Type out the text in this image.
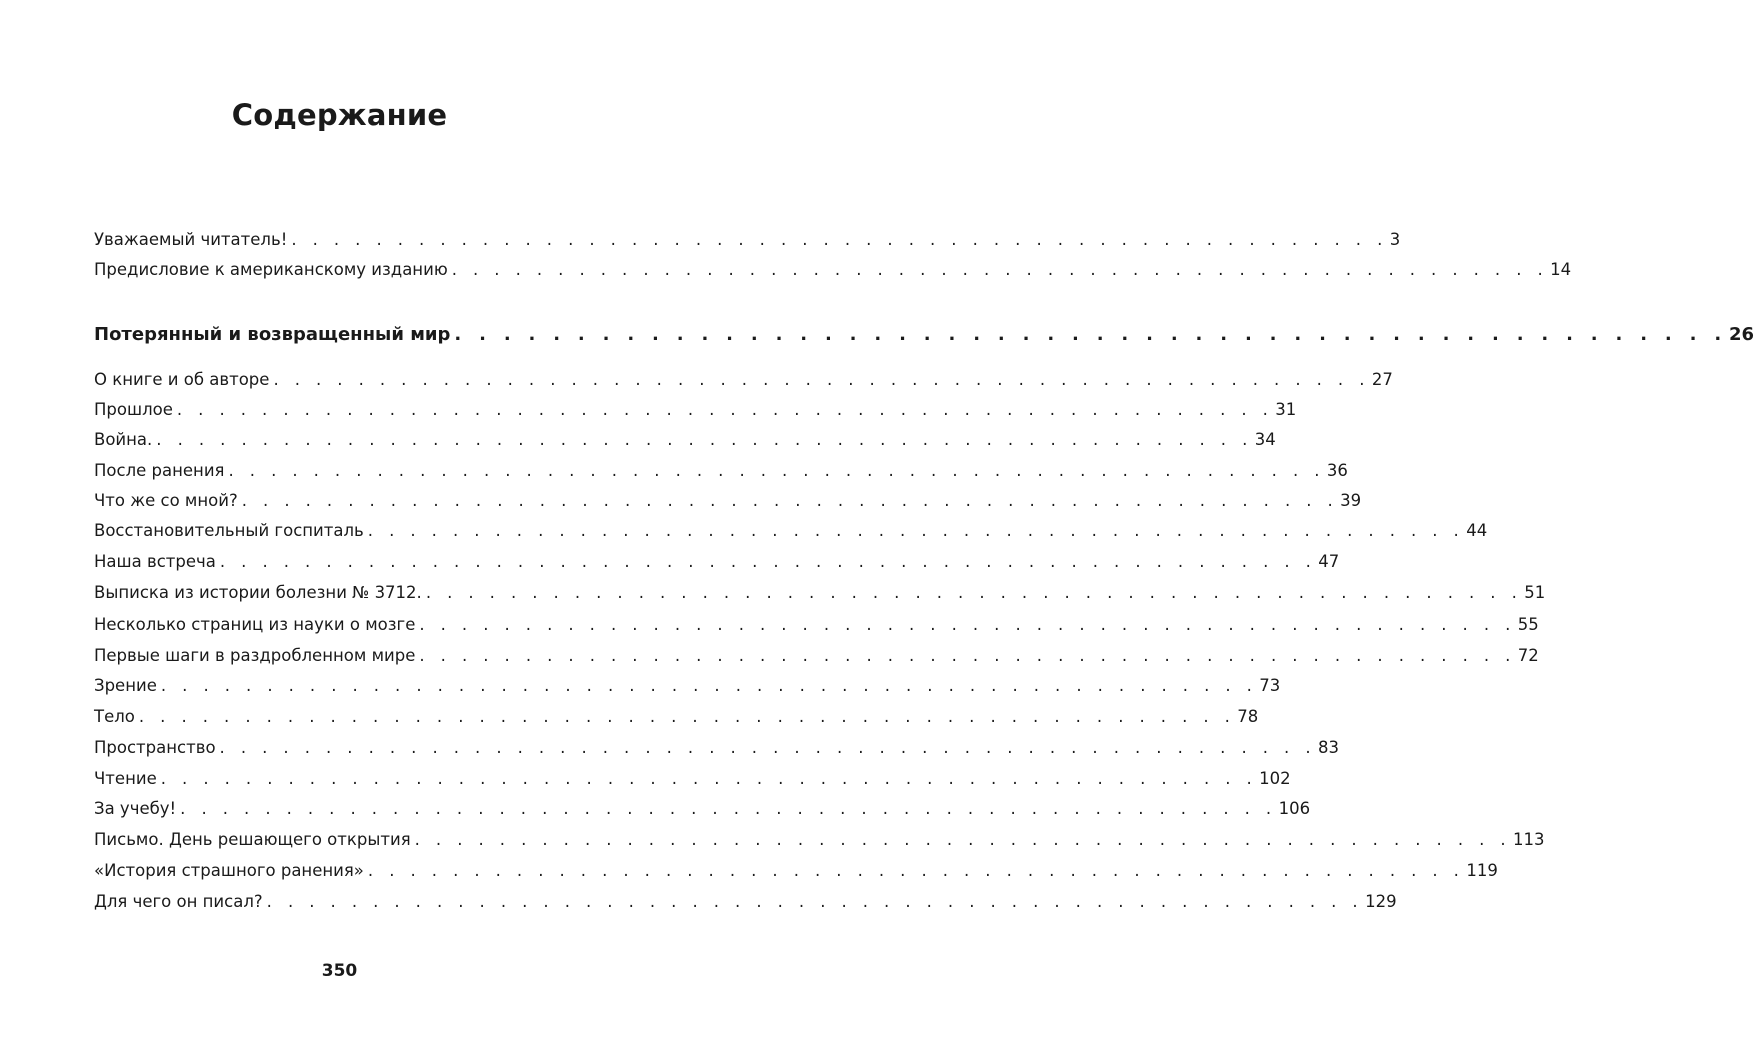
Содержание
Уважаемый читатель! . . . . . . . . . . . . . . . . . . . . . . . . . . . . . . . . . . . . . . . . . . . . . . . . . . . . 3
Предисловие к американскому изданию . . . . . . . . . . . . . . . . . . . . . . . . . . . . . . . . . . . . . . . . . . . . . . . . . . . . 14
Потерянный и возвращенный мир . . . . . . . . . . . . . . . . . . . . . . . . . . . . . . . . . . . . . . . . . . . . . . . . . . . . 26
О книге и об авторе . . . . . . . . . . . . . . . . . . . . . . . . . . . . . . . . . . . . . . . . . . . . . . . . . . . . 27
Прошлое . . . . . . . . . . . . . . . . . . . . . . . . . . . . . . . . . . . . . . . . . . . . . . . . . . . . 31
Война. . . . . . . . . . . . . . . . . . . . . . . . . . . . . . . . . . . . . . . . . . . . . . . . . . . . . 34
После ранения . . . . . . . . . . . . . . . . . . . . . . . . . . . . . . . . . . . . . . . . . . . . . . . . . . . . 36
Что же со мной? . . . . . . . . . . . . . . . . . . . . . . . . . . . . . . . . . . . . . . . . . . . . . . . . . . . . 39
Восстановительный госпиталь . . . . . . . . . . . . . . . . . . . . . . . . . . . . . . . . . . . . . . . . . . . . . . . . . . . . 44
Наша встреча . . . . . . . . . . . . . . . . . . . . . . . . . . . . . . . . . . . . . . . . . . . . . . . . . . . . 47
Выписка из истории болезни № 3712. . . . . . . . . . . . . . . . . . . . . . . . . . . . . . . . . . . . . . . . . . . . . . . . . . . . . 51
Несколько страниц из науки о мозге . . . . . . . . . . . . . . . . . . . . . . . . . . . . . . . . . . . . . . . . . . . . . . . . . . . . 55
Первые шаги в раздробленном мире . . . . . . . . . . . . . . . . . . . . . . . . . . . . . . . . . . . . . . . . . . . . . . . . . . . . 72
Зрение . . . . . . . . . . . . . . . . . . . . . . . . . . . . . . . . . . . . . . . . . . . . . . . . . . . . 73
Тело . . . . . . . . . . . . . . . . . . . . . . . . . . . . . . . . . . . . . . . . . . . . . . . . . . . . 78
Пространство . . . . . . . . . . . . . . . . . . . . . . . . . . . . . . . . . . . . . . . . . . . . . . . . . . . . 83
Чтение . . . . . . . . . . . . . . . . . . . . . . . . . . . . . . . . . . . . . . . . . . . . . . . . . . . . 102
За учебу! . . . . . . . . . . . . . . . . . . . . . . . . . . . . . . . . . . . . . . . . . . . . . . . . . . . . 106
Письмо. День решающего открытия . . . . . . . . . . . . . . . . . . . . . . . . . . . . . . . . . . . . . . . . . . . . . . . . . . . . 113
«История страшного ранения» . . . . . . . . . . . . . . . . . . . . . . . . . . . . . . . . . . . . . . . . . . . . . . . . . . . . 119
Для чего он писал? . . . . . . . . . . . . . . . . . . . . . . . . . . . . . . . . . . . . . . . . . . . . . . . . . . . . 129
350
